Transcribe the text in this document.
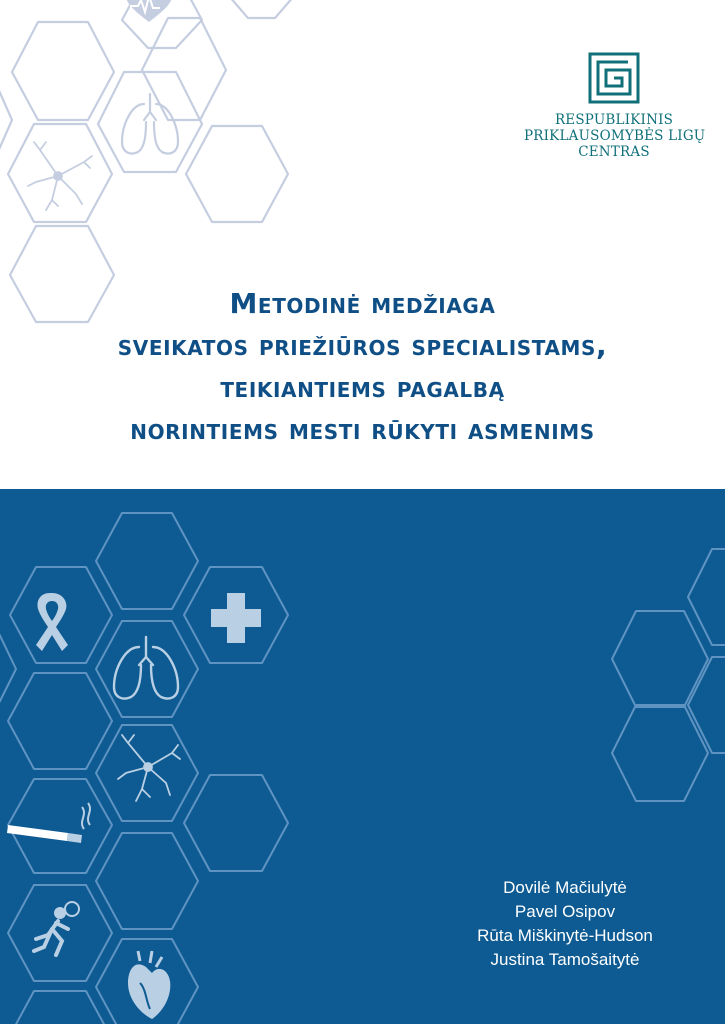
RESPUBLIKINIS
PRIKLAUSOMYBĖS LIGŲ
CENTRAS
Metodinė medžiaga
sveikatos priežiūros specialistams,
teikiantiems pagalbą
norintiems mesti rūkyti asmenims
Dovilė Mačiulytė
Pavel Osipov
Rūta Miškinytė-Hudson
Justina Tamošaitytė
